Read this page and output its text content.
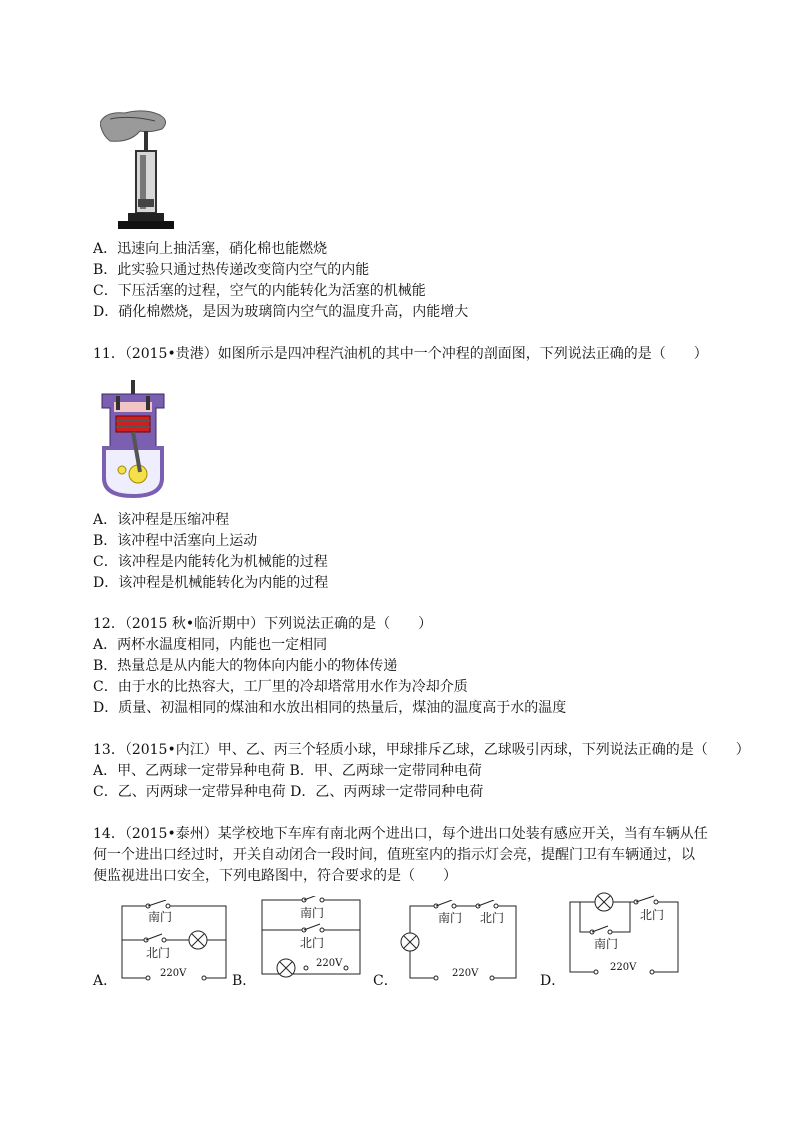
A．迅速向上抽活塞，硝化棉也能燃烧
B．此实验只通过热传递改变筒内空气的内能
C．下压活塞的过程，空气的内能转化为活塞的机械能
D．硝化棉燃烧，是因为玻璃筒内空气的温度升高，内能增大
11．（2015•贵港）如图所示是四冲程汽油机的其中一个冲程的剖面图，下列说法正确的是（　　）
A．该冲程是压缩冲程
B．该冲程中活塞向上运动
C．该冲程是内能转化为机械能的过程
D．该冲程是机械能转化为内能的过程
12．（2015 秋•临沂期中）下列说法正确的是（　　）
A．两杯水温度相同，内能也一定相同
B．热量总是从内能大的物体向内能小的物体传递
C．由于水的比热容大，工厂里的冷却塔常用水作为冷却介质
D．质量、初温相同的煤油和水放出相同的热量后，煤油的温度高于水的温度
13．（2015•内江）甲、乙、丙三个轻质小球，甲球排斥乙球，乙球吸引丙球，下列说法正确的是（　　）
A．甲、乙两球一定带异种电荷 B．甲、乙两球一定带同种电荷
C．乙、丙两球一定带异种电荷 D．乙、丙两球一定带同种电荷
14．（2015•泰州）某学校地下车库有南北两个进出口，每个进出口处装有感应开关，当有车辆从任
何一个进出口经过时，开关自动闭合一段时间，值班室内的指示灯会亮，提醒门卫有车辆通过，以
便监视进出口安全，下列电路图中，符合要求的是（　　）
A．
南门
北门
220V	B．
南门
北门
220V
C．
南门 北门
220V	D．
北门
南门
220V
